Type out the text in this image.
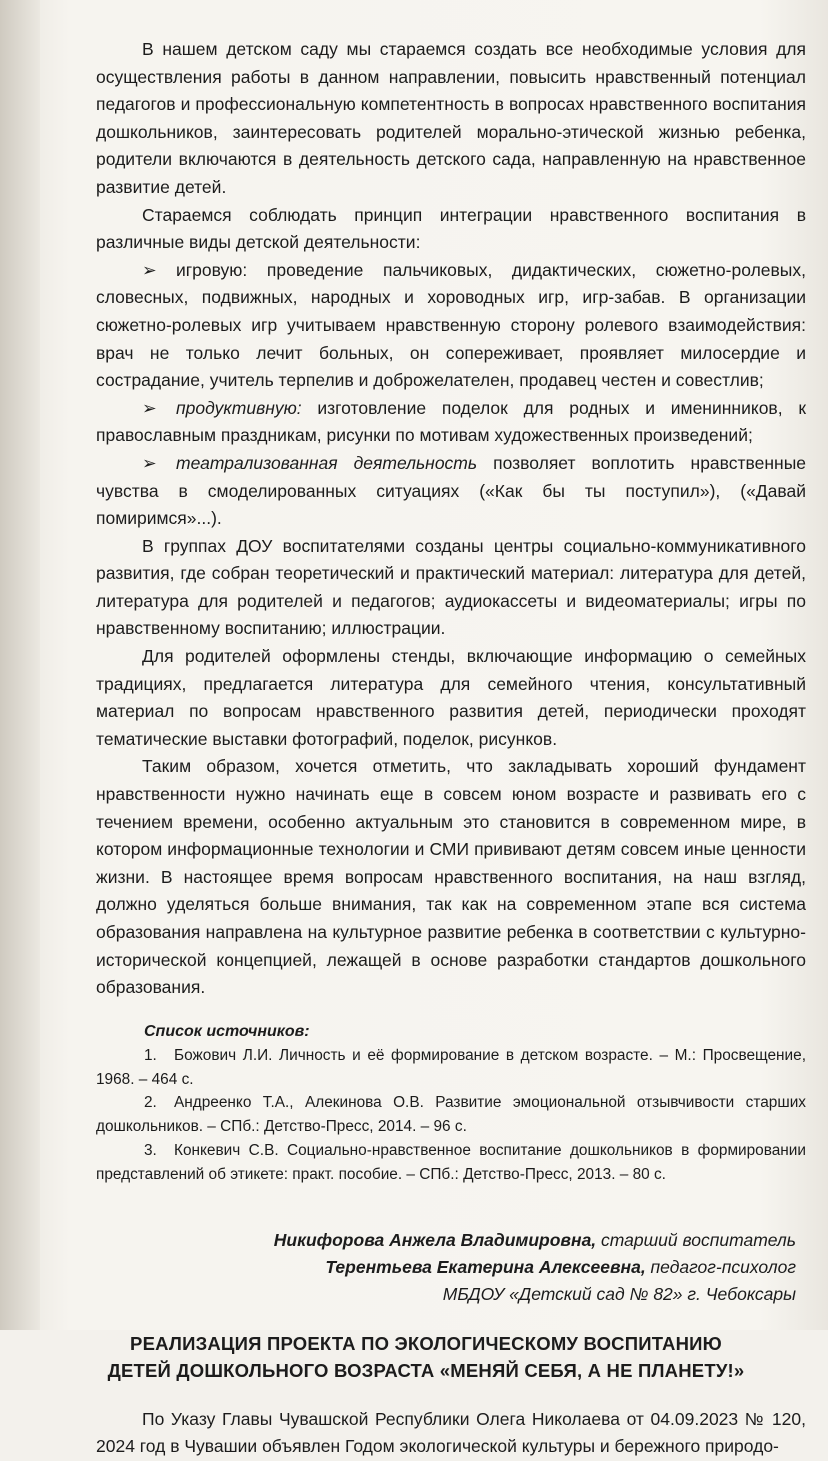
В нашем детском саду мы стараемся создать все необходимые условия для осуществления работы в данном направлении, повысить нравственный потенциал педагогов и профессиональную компетентность в вопросах нравственного воспитания дошкольников, заинтересовать родителей морально-этической жизнью ребенка, родители включаются в деятельность детского сада, направленную на нравственное развитие детей.

Стараемся соблюдать принцип интеграции нравственного воспитания в различные виды детской деятельности:

➢ игровую: проведение пальчиковых, дидактических, сюжетно-ролевых, словесных, подвижных, народных и хороводных игр, игр-забав. В организации сюжетно-ролевых игр учитываем нравственную сторону ролевого взаимодействия: врач не только лечит больных, он сопереживает, проявляет милосердие и сострадание, учитель терпелив и доброжелателен, продавец честен и совестлив;

➢ продуктивную: изготовление поделок для родных и именинников, к православным праздникам, рисунки по мотивам художественных произведений;

➢ театрализованная деятельность позволяет воплотить нравственные чувства в смоделированных ситуациях («Как бы ты поступил»), («Давай помиримся»...).

В группах ДОУ воспитателями созданы центры социально-коммуникативного развития, где собран теоретический и практический материал: литература для детей, литература для родителей и педагогов; аудиокассеты и видеоматериалы; игры по нравственному воспитанию; иллюстрации.

Для родителей оформлены стенды, включающие информацию о семейных традициях, предлагается литература для семейного чтения, консультативный материал по вопросам нравственного развития детей, периодически проходят тематические выставки фотографий, поделок, рисунков.

Таким образом, хочется отметить, что закладывать хороший фундамент нравственности нужно начинать еще в совсем юном возрасте и развивать его с течением времени, особенно актуальным это становится в современном мире, в котором информационные технологии и СМИ прививают детям совсем иные ценности жизни. В настоящее время вопросам нравственного воспитания, на наш взгляд, должно уделяться больше внимания, так как на современном этапе вся система образования направлена на культурное развитие ребенка в соответствии с культурно-исторической концепцией, лежащей в основе разработки стандартов дошкольного образования.

Список источников:

1. Божович Л.И. Личность и её формирование в детском возрасте. – М.: Просвещение, 1968. – 464 с.

2. Андреенко Т.А., Алекинова О.В. Развитие эмоциональной отзывчивости старших дошкольников. – СПб.: Детство-Пресс, 2014. – 96 с.

3. Конкевич С.В. Социально-нравственное воспитание дошкольников в формировании представлений об этикете: практ. пособие. – СПб.: Детство-Пресс, 2013. – 80 с.

Никифорова Анжела Владимировна, старший воспитатель
Терентьева Екатерина Алексеевна, педагог-психолог
МБДОУ «Детский сад № 82» г. Чебоксары
РЕАЛИЗАЦИЯ ПРОЕКТА ПО ЭКОЛОГИЧЕСКОМУ ВОСПИТАНИЮ
ДЕТЕЙ ДОШКОЛЬНОГО ВОЗРАСТА «МЕНЯЙ СЕБЯ, А НЕ ПЛАНЕТУ!»

По Указу Главы Чувашской Республики Олега Николаева от 04.09.2023 № 120, 2024 год в Чувашии объявлен Годом экологической культуры и бережного природо-
